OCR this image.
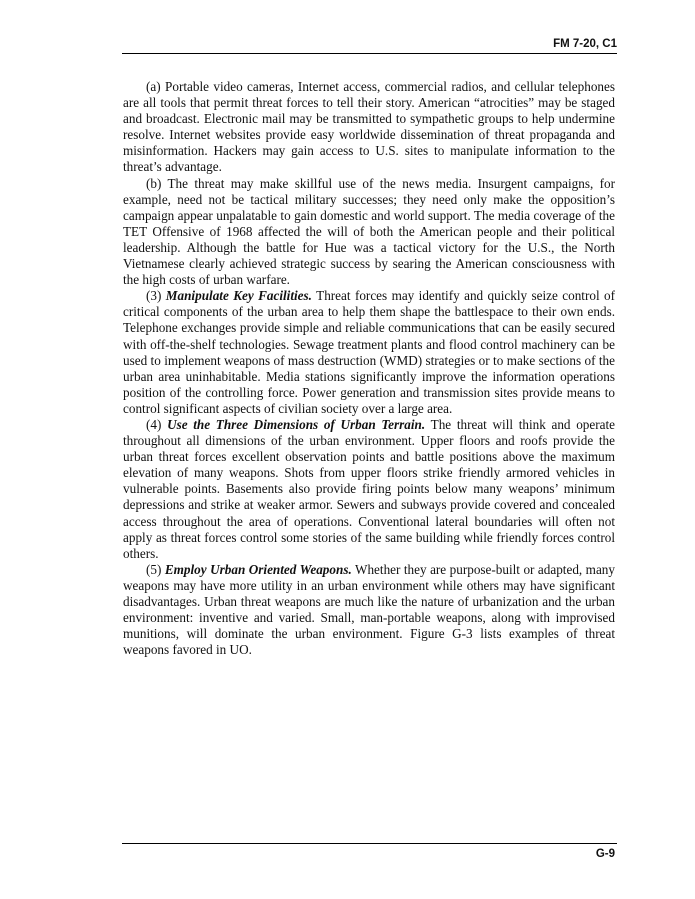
FM 7-20, C1

(a) Portable video cameras, Internet access, commercial radios, and cellular telephones are all tools that permit threat forces to tell their story. American “atrocities” may be staged and broadcast. Electronic mail may be transmitted to sympathetic groups to help undermine resolve. Internet websites provide easy worldwide dissemination of threat propaganda and misinformation. Hackers may gain access to U.S. sites to manipulate information to the threat’s advantage.

(b) The threat may make skillful use of the news media. Insurgent campaigns, for example, need not be tactical military successes; they need only make the opposition’s campaign appear unpalatable to gain domestic and world support. The media coverage of the TET Offensive of 1968 affected the will of both the American people and their political leadership. Although the battle for Hue was a tactical victory for the U.S., the North Vietnamese clearly achieved strategic success by searing the American consciousness with the high costs of urban warfare.

(3) Manipulate Key Facilities. Threat forces may identify and quickly seize control of critical components of the urban area to help them shape the battlespace to their own ends. Telephone exchanges provide simple and reliable communications that can be easily secured with off-the-shelf technologies. Sewage treatment plants and flood control machinery can be used to implement weapons of mass destruction (WMD) strategies or to make sections of the urban area uninhabitable. Media stations significantly improve the information operations position of the controlling force. Power generation and transmission sites provide means to control significant aspects of civilian society over a large area.

(4) Use the Three Dimensions of Urban Terrain. The threat will think and operate throughout all dimensions of the urban environment. Upper floors and roofs provide the urban threat forces excellent observation points and battle positions above the maximum elevation of many weapons. Shots from upper floors strike friendly armored vehicles in vulnerable points. Basements also provide firing points below many weapons’ minimum depressions and strike at weaker armor. Sewers and subways provide covered and concealed access throughout the area of operations. Conventional lateral boundaries will often not apply as threat forces control some stories of the same building while friendly forces control others.

(5) Employ Urban Oriented Weapons. Whether they are purpose-built or adapted, many weapons may have more utility in an urban environment while others may have significant disadvantages. Urban threat weapons are much like the nature of urbanization and the urban environment: inventive and varied. Small, man-portable weapons, along with improvised munitions, will dominate the urban environment. Figure G-3 lists examples of threat weapons favored in UO.

G-9
